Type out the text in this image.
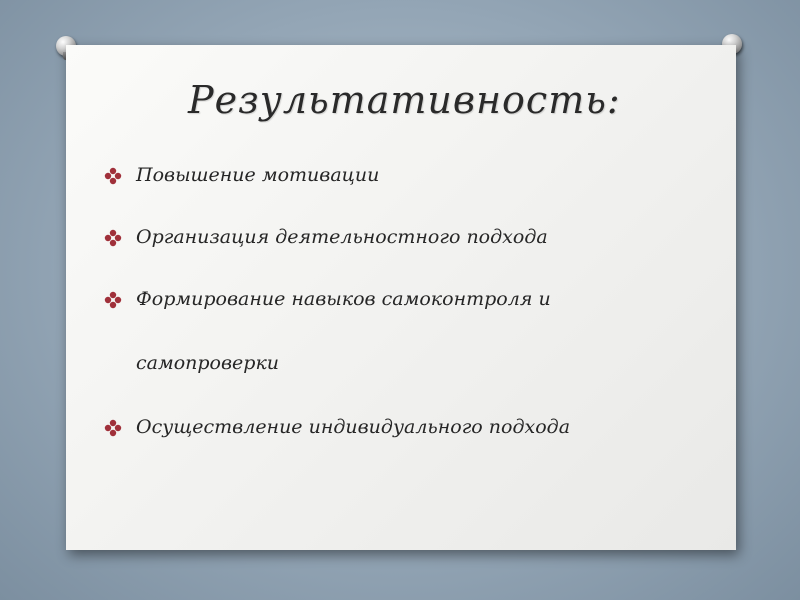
Результативность:
Повышение мотивации
Организация деятельностного подхода
Формирование навыков самоконтроля и
самопроверки
Осуществление индивидуального подхода
